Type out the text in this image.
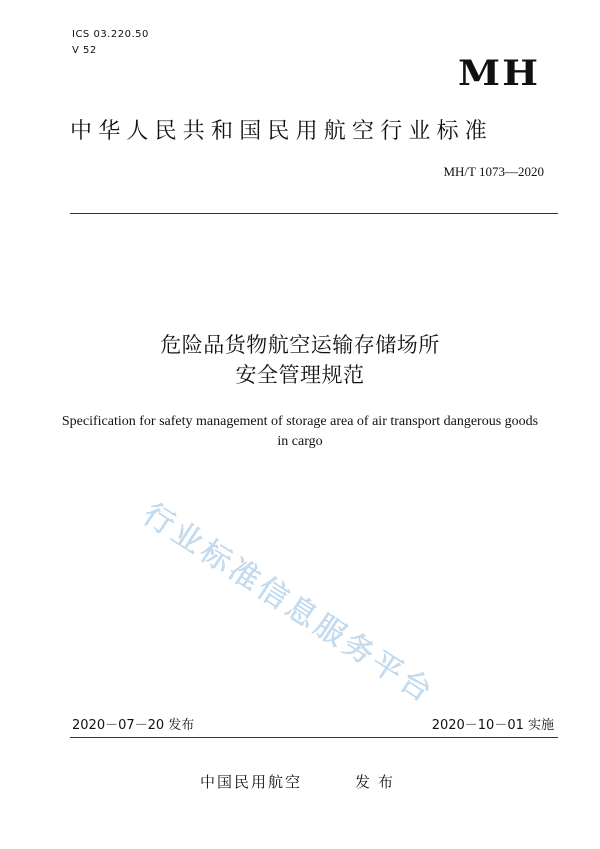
ICS 03.220.50
V 52
MH
中华人民共和国民用航空行业标准
MH/T 1073—2020
危险品货物航空运输存储场所
安全管理规范
Specification for safety management of storage area of air transport dangerous goods in cargo
行业标准信息服务平台
2020－07－20 发布	2020－10－01 实施
中国民用航空	发布
